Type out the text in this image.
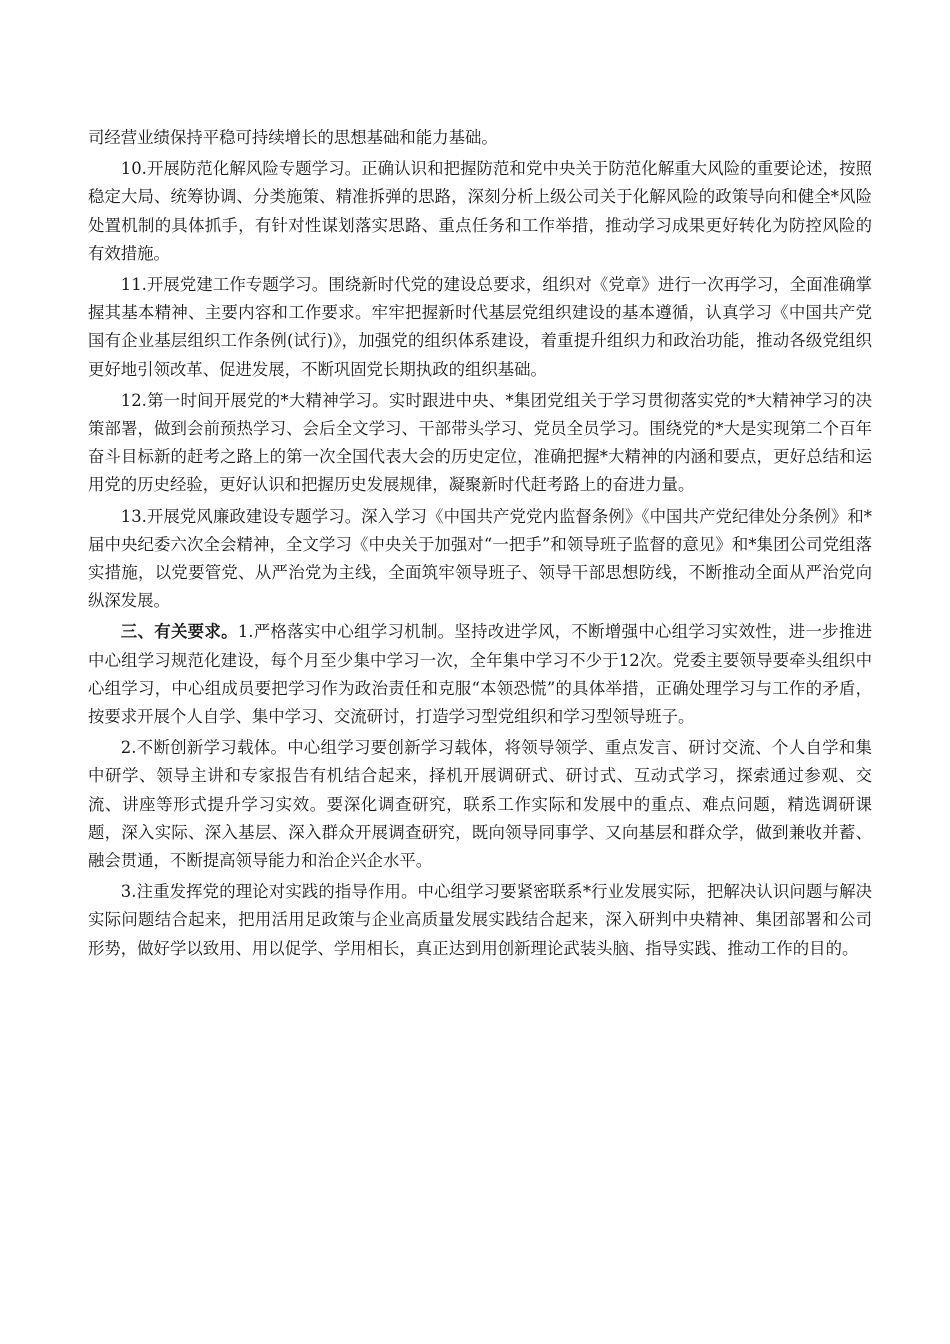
司经营业绩保持平稳可持续增长的思想基础和能力基础。

10.开展防范化解风险专题学习。正确认识和把握防范和党中央关于防范化解重大风险的重要论述，按照稳定大局、统筹协调、分类施策、精准拆弹的思路，深刻分析上级公司关于化解风险的政策导向和健全*风险处置机制的具体抓手，有针对性谋划落实思路、重点任务和工作举措，推动学习成果更好转化为防控风险的有效措施。

11.开展党建工作专题学习。围绕新时代党的建设总要求，组织对《党章》进行一次再学习，全面准确掌握其基本精神、主要内容和工作要求。牢牢把握新时代基层党组织建设的基本遵循，认真学习《中国共产党国有企业基层组织工作条例(试行)》，加强党的组织体系建设，着重提升组织力和政治功能，推动各级党组织更好地引领改革、促进发展，不断巩固党长期执政的组织基础。

12.第一时间开展党的*大精神学习。实时跟进中央、*集团党组关于学习贯彻落实党的*大精神学习的决策部署，做到会前预热学习、会后全文学习、干部带头学习、党员全员学习。围绕党的*大是实现第二个百年奋斗目标新的赶考之路上的第一次全国代表大会的历史定位，准确把握*大精神的内涵和要点，更好总结和运用党的历史经验，更好认识和把握历史发展规律，凝聚新时代赶考路上的奋进力量。

13.开展党风廉政建设专题学习。深入学习《中国共产党党内监督条例》《中国共产党纪律处分条例》和*届中央纪委六次全会精神，全文学习《中央关于加强对“一把手”和领导班子监督的意见》和*集团公司党组落实措施，以党要管党、从严治党为主线，全面筑牢领导班子、领导干部思想防线，不断推动全面从严治党向纵深发展。

三、有关要求。1.严格落实中心组学习机制。坚持改进学风，不断增强中心组学习实效性，进一步推进中心组学习规范化建设，每个月至少集中学习一次，全年集中学习不少于12次。党委主要领导要牵头组织中心组学习，中心组成员要把学习作为政治责任和克服“本领恐慌”的具体举措，正确处理学习与工作的矛盾，按要求开展个人自学、集中学习、交流研讨，打造学习型党组织和学习型领导班子。

2.不断创新学习载体。中心组学习要创新学习载体，将领导领学、重点发言、研讨交流、个人自学和集中研学、领导主讲和专家报告有机结合起来，择机开展调研式、研讨式、互动式学习，探索通过参观、交流、讲座等形式提升学习实效。要深化调查研究，联系工作实际和发展中的重点、难点问题，精选调研课题，深入实际、深入基层、深入群众开展调查研究，既向领导同事学、又向基层和群众学，做到兼收并蓄、融会贯通，不断提高领导能力和治企兴企水平。

3.注重发挥党的理论对实践的指导作用。中心组学习要紧密联系*行业发展实际，把解决认识问题与解决实际问题结合起来，把用活用足政策与企业高质量发展实践结合起来，深入研判中央精神、集团部署和公司形势，做好学以致用、用以促学、学用相长，真正达到用创新理论武装头脑、指导实践、推动工作的目的。
